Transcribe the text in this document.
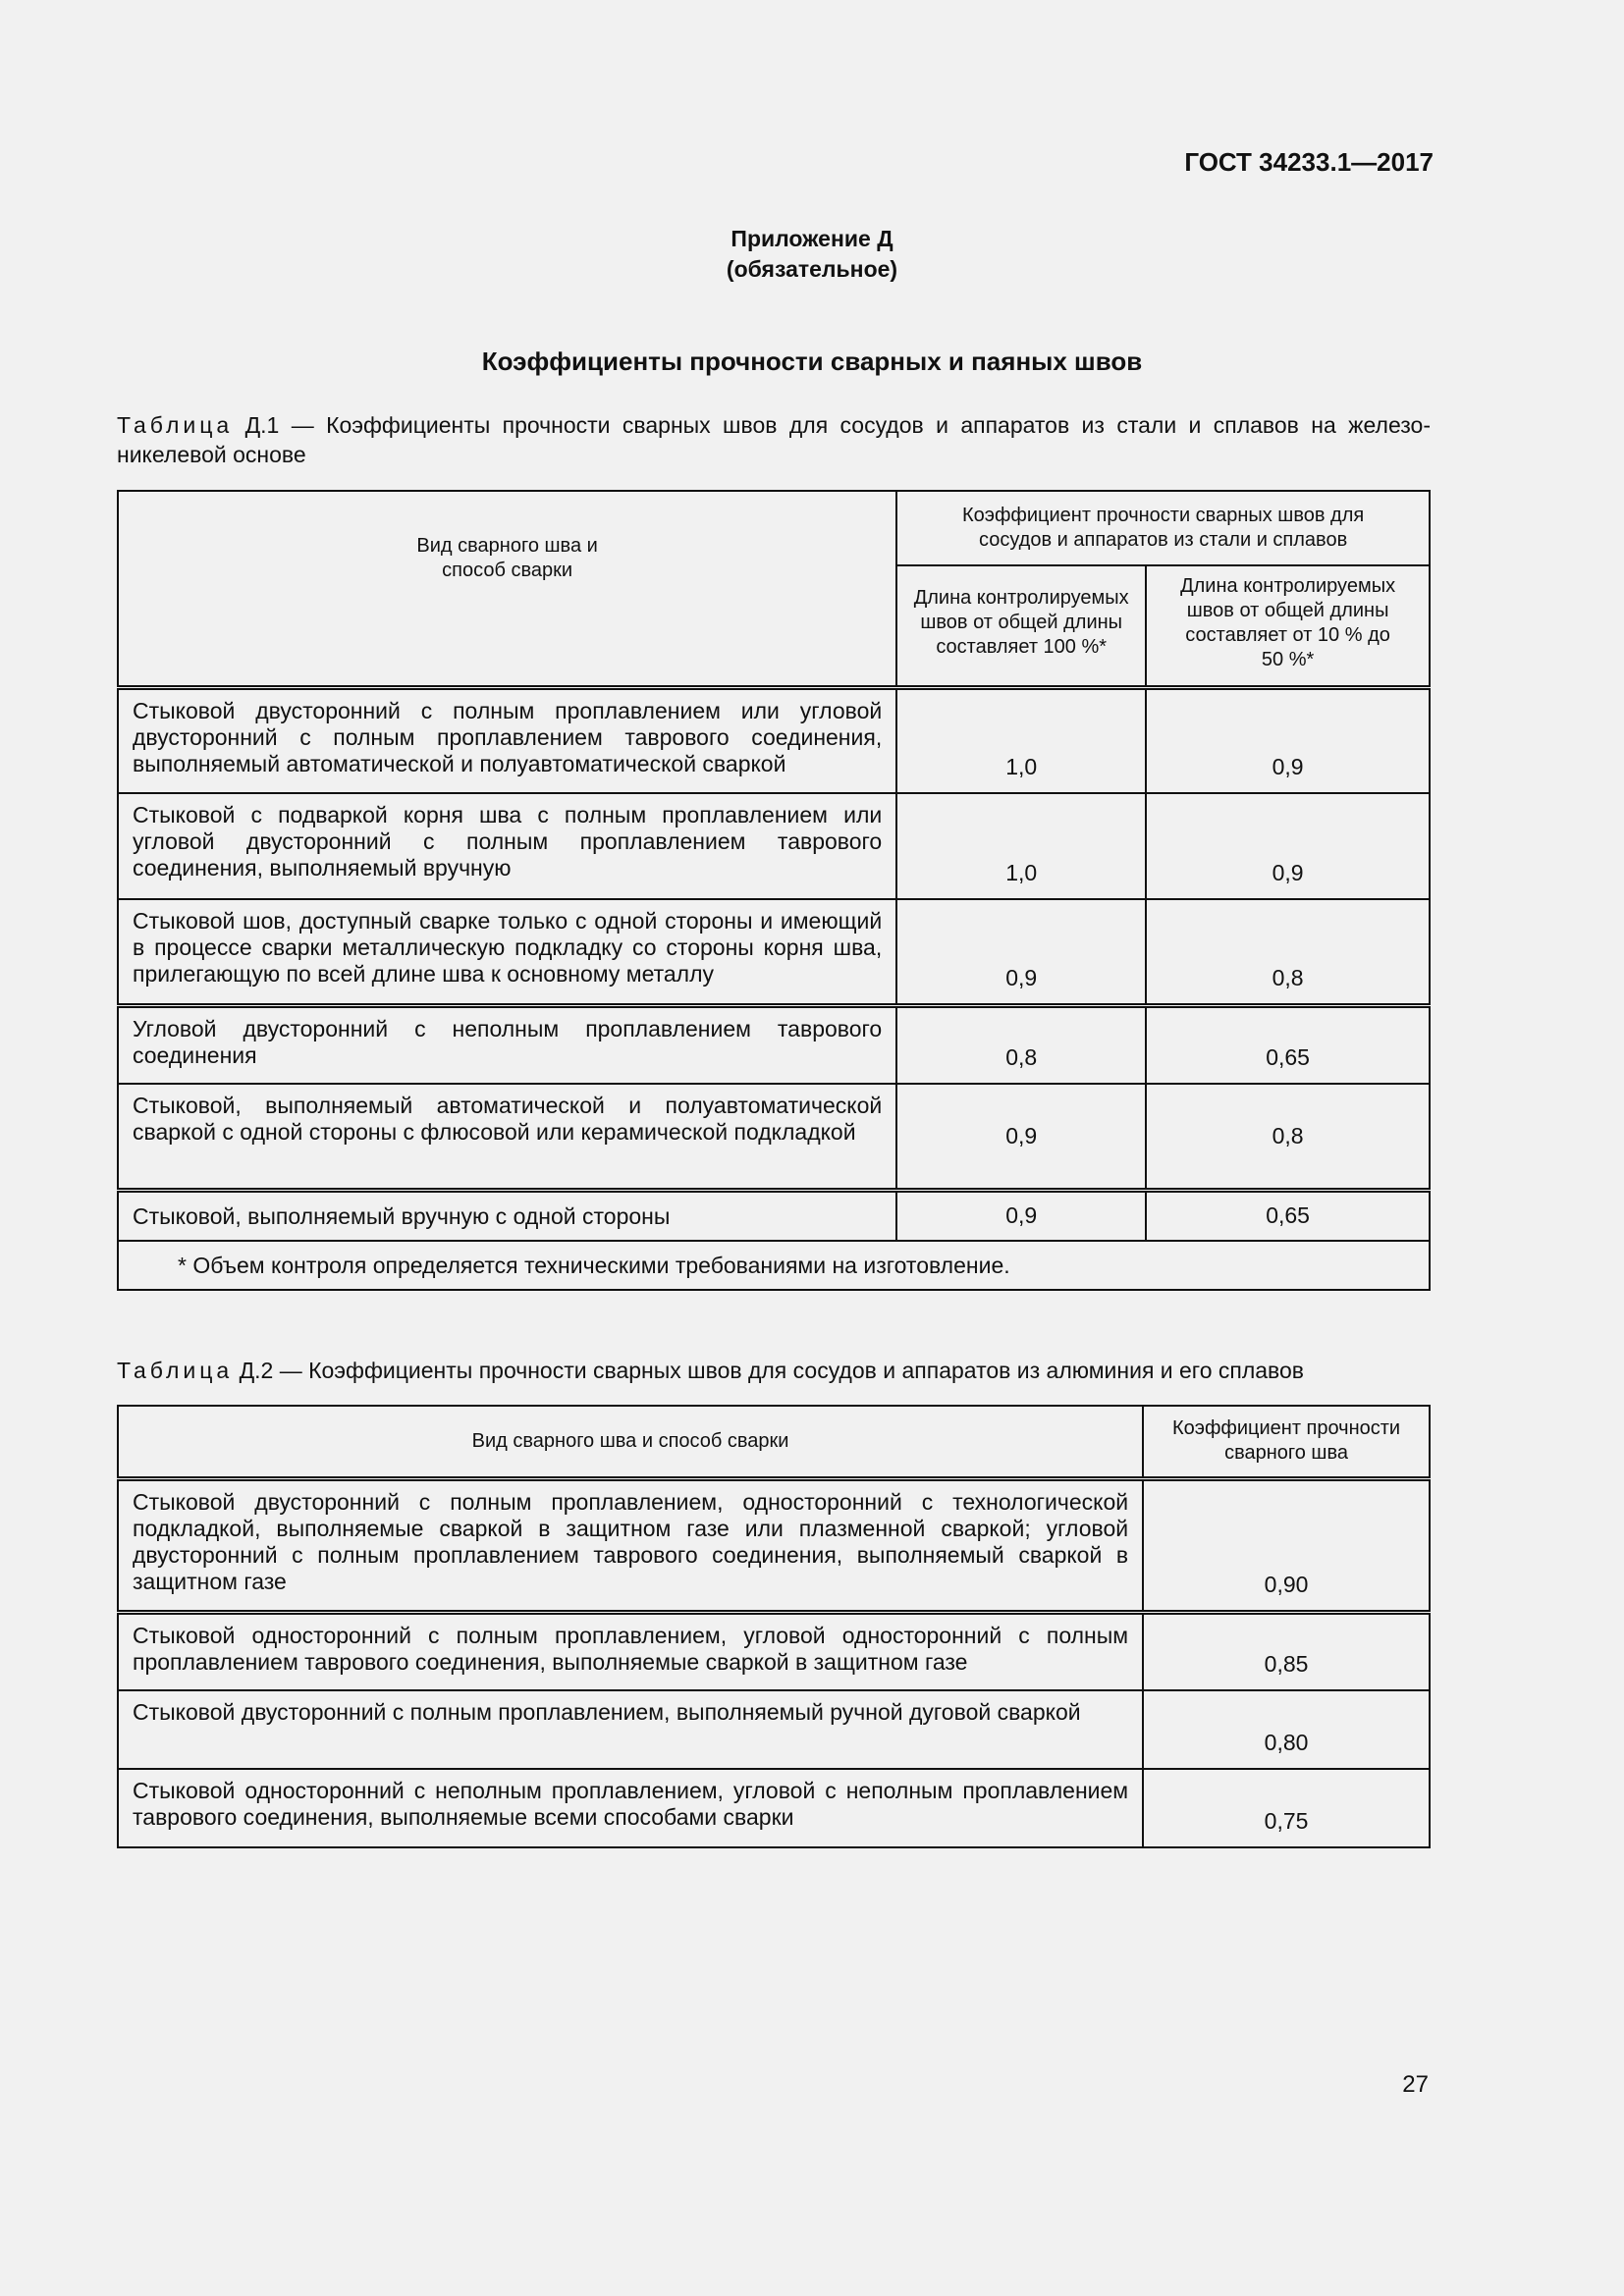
ГОСТ 34233.1—2017
Приложение Д
(обязательное)
Коэффициенты прочности сварных и паяных швов
Таблица Д.1 — Коэффициенты прочности сварных швов для сосудов и аппаратов из стали и сплавов на железо-никелевой основе
Вид сварного шва и способ сварки	Коэффициент прочности сварных швов для сосудов и аппаратов из стали и сплавов	

	Длина контролируемых швов от общей длины составляет 100 %*	Длина контролируемых швов от общей длины составляет от 10 % до 50 %*

Стыковой двусторонний с полным проплавлением или угловой двусторонний с полным проплавлением таврового соединения, выполняемый автоматической и полуавтоматической сваркой	1,0	0,9
Стыковой с подваркой корня шва с полным проплавлением или угловой двусторонний с полным проплавлением таврового соединения, выполняемый вручную	1,0	0,9
Стыковой шов, доступный сварке только с одной стороны и имеющий в процессе сварки металлическую подкладку со стороны корня шва, прилегающую по всей длине шва к основному металлу	0,9	0,8
Угловой двусторонний с неполным проплавлением таврового соединения	0,8	0,65
Стыковой, выполняемый автоматической и полуавтоматической сваркой с одной стороны с флюсовой или керамической подкладкой	0,9	0,8
Стыковой, выполняемый вручную с одной стороны	0,9	0,65
* Объем контроля определяется техническими требованиями на изготовление.		
Таблица Д.2 — Коэффициенты прочности сварных швов для сосудов и аппаратов из алюминия и его сплавов
Вид сварного шва и способ сварки	Коэффициент прочности сварного шва

Стыковой двусторонний с полным проплавлением, односторонний с технологической подкладкой, выполняемые сваркой в защитном газе или плазменной сваркой; угловой двусторонний с полным проплавлением таврового соединения, выполняемый сваркой в защитном газе	0,90
Стыковой односторонний с полным проплавлением, угловой односторонний с полным проплавлением таврового соединения, выполняемые сваркой в защитном газе	0,85
Стыковой двусторонний с полным проплавлением, выполняемый ручной дуговой сваркой	0,80
Стыковой односторонний с неполным проплавлением, угловой с неполным проплавлением таврового соединения, выполняемые всеми способами сварки	0,75
27
